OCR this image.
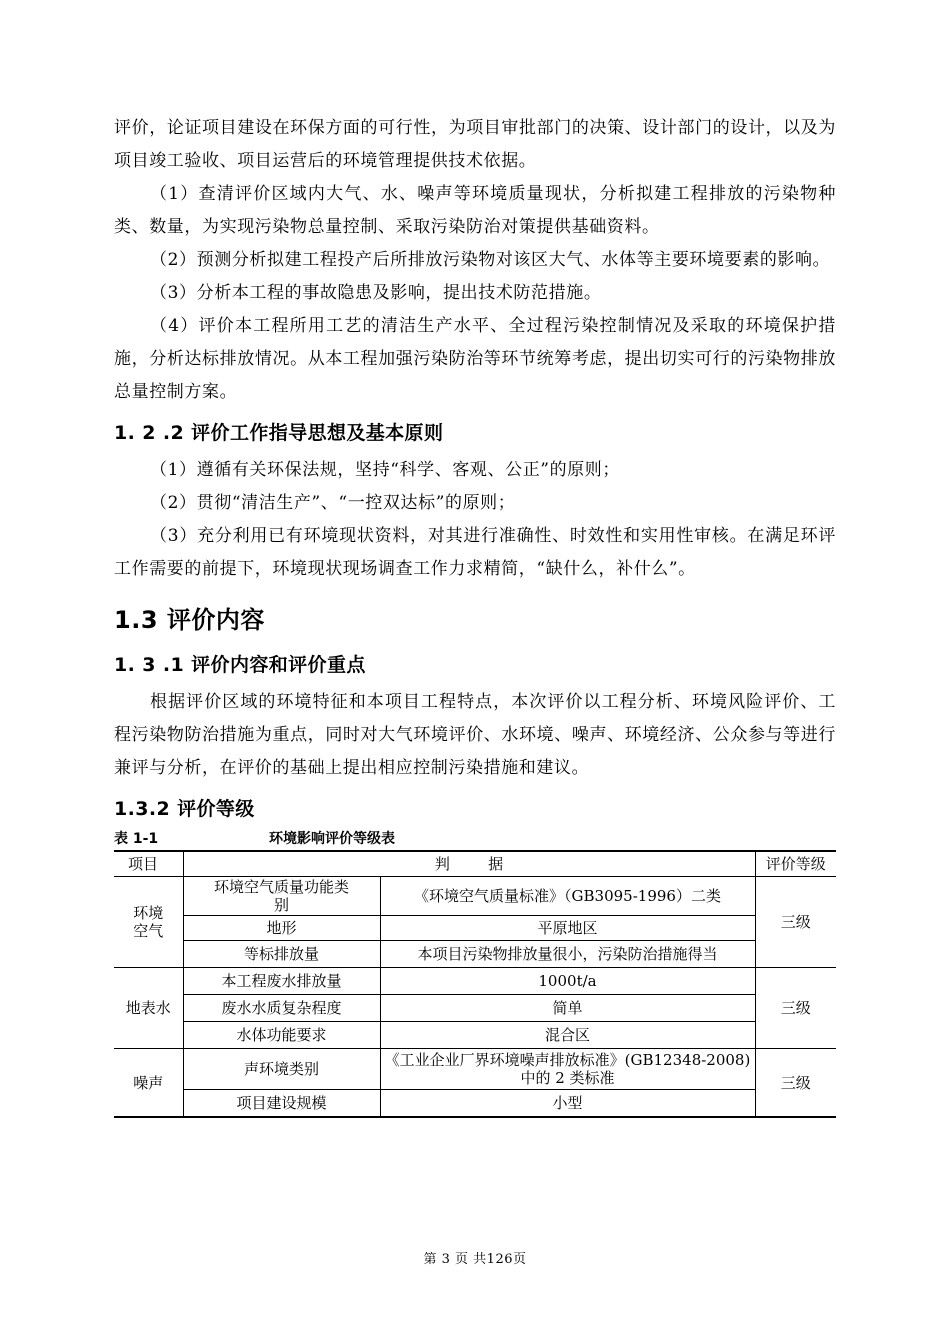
评价，论证项目建设在环保方面的可行性，为项目审批部门的决策、设计部门的设计，以及为项目竣工验收、项目运营后的环境管理提供技术依据。

（1）查清评价区域内大气、水、噪声等环境质量现状，分析拟建工程排放的污染物种类、数量，为实现污染物总量控制、采取污染防治对策提供基础资料。

（2）预测分析拟建工程投产后所排放污染物对该区大气、水体等主要环境要素的影响。

（3）分析本工程的事故隐患及影响，提出技术防范措施。

（4）评价本工程所用工艺的清洁生产水平、全过程污染控制情况及采取的环境保护措施，分析达标排放情况。从本工程加强污染防治等环节统筹考虑，提出切实可行的污染物排放总量控制方案。

1. 2 .2 评价工作指导思想及基本原则

（1）遵循有关环保法规，坚持“科学、客观、公正”的原则；

（2）贯彻“清洁生产”、“一控双达标”的原则；

（3）充分利用已有环境现状资料，对其进行准确性、时效性和实用性审核。在满足环评工作需要的前提下，环境现状现场调查工作力求精简，“缺什么，补什么”。

1.3 评价内容
1. 3 .1 评价内容和评价重点

根据评价区域的环境特征和本项目工程特点，本次评价以工程分析、环境风险评价、工程污染物防治措施为重点，同时对大气环境评价、水环境、噪声、环境经济、公众参与等进行兼评与分析，在评价的基础上提出相应控制污染措施和建议。

1.3.2 评价等级
表 1-1	环境影响评价等级表
项目	判        据		评价等级
环境
空气	环境空气质量功能类别	《环境空气质量标准》（GB3095-1996）二类	三级
	地形	平原地区	
	等标排放量	本项目污染物排放量很小，污染防治措施得当	
地表水	本工程废水排放量	1000t/a	三级
	废水水质复杂程度	简单	
	水体功能要求	混合区	
噪声	声环境类别	《工业企业厂界环境噪声排放标准》(GB12348-2008)中的 2 类标准	三级
	项目建设规模	小型	
第 3 页 共126页
